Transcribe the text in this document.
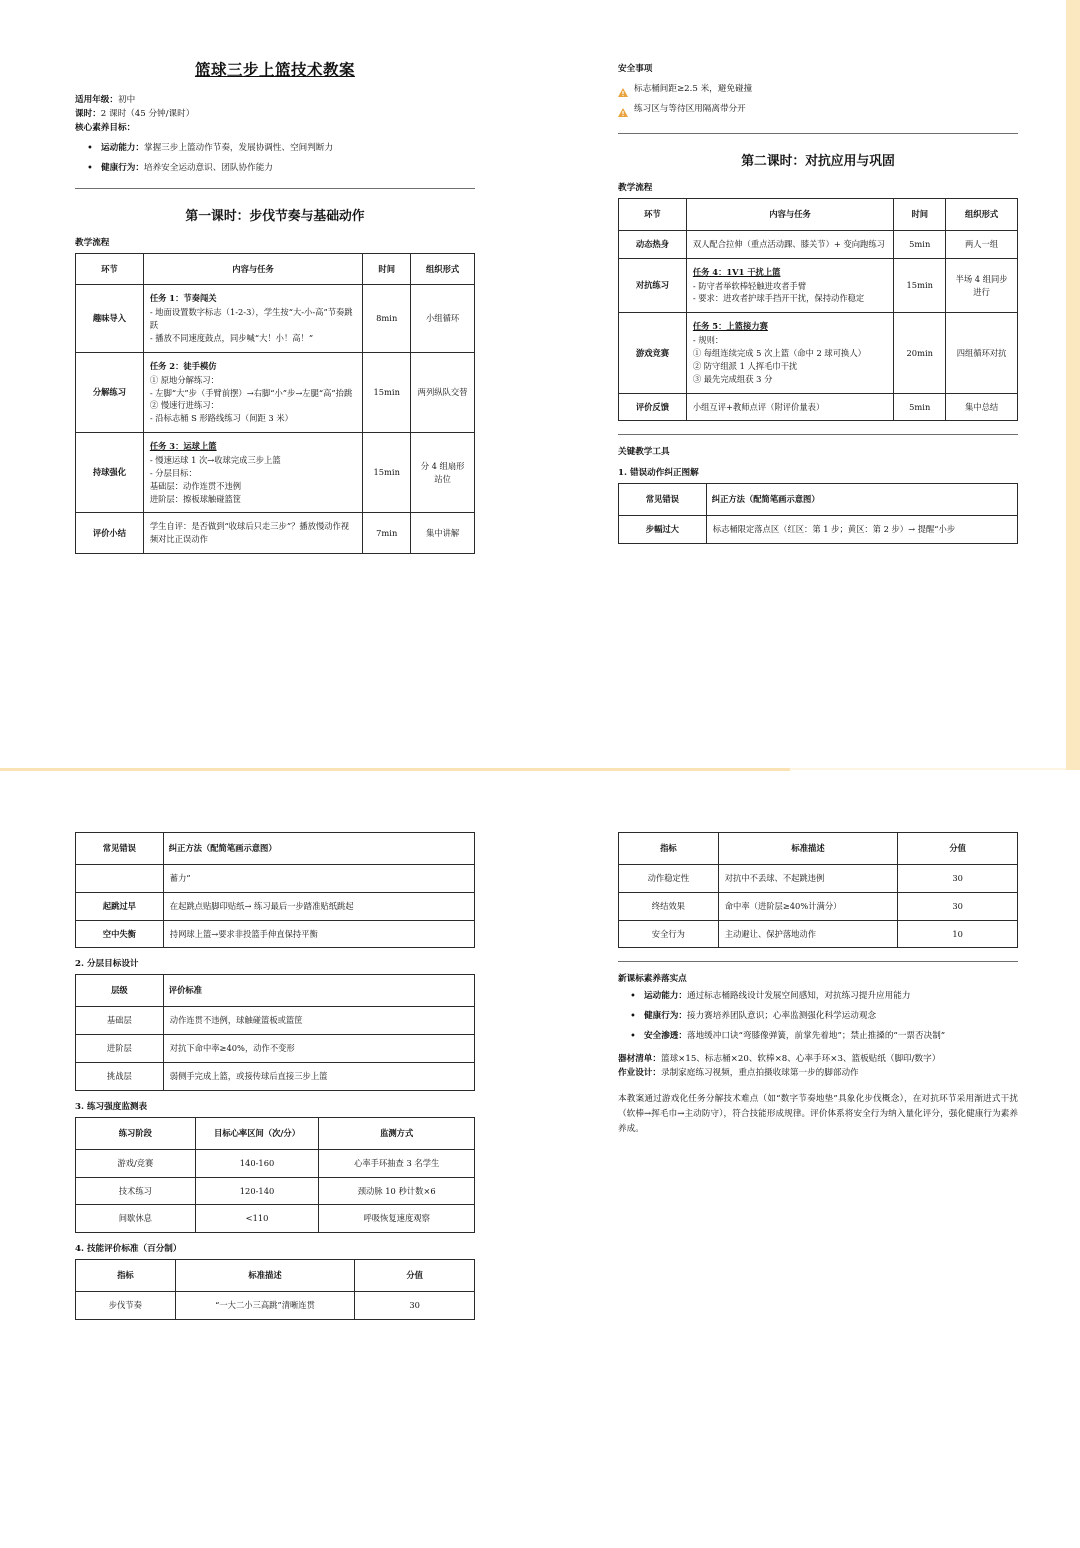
篮球三步上篮技术教案
适用年级：初中
课时：2 课时（45 分钟/课时）
核心素养目标：
• 运动能力：掌握三步上篮动作节奏，发展协调性、空间判断力
• 健康行为：培养安全运动意识、团队协作能力
第一课时：步伐节奏与基础动作
教学流程
环节	内容与任务	时间	组织形式
趣味导入	任务 1：节奏闯关
- 地面设置数字标志（1-2-3），学生按“大-小-高”节奏跳跃
- 播放不同速度鼓点，同步喊“大！小！高！”	8min	小组循环
分解练习	任务 2：徒手模仿
① 原地分解练习：
- 左脚“大”步（手臂前摆）→右脚“小”步→左腿“高”抬跳
② 慢速行进练习：
- 沿标志桶 S 形路线练习（间距 3 米）	15min	两列纵队交替
持球强化	任务 3：运球上篮
- 慢速运球 1 次→收球完成三步上篮
- 分层目标：
基础层：动作连贯不违例
进阶层：擦板球触碰篮筐	15min	分 4 组扇形站位
评价小结	学生自评：是否做到“收球后只走三步”？播放慢动作视频对比正误动作	7min	集中讲解
安全事项
标志桶间距≥2.5 米，避免碰撞
练习区与等待区用隔离带分开
第二课时：对抗应用与巩固
教学流程
环节	内容与任务	时间	组织形式
动态热身	双人配合拉伸（重点活动踝、膝关节）+ 变向跑练习	5min	两人一组
对抗练习	任务 4：1V1 干扰上篮
- 防守者举软棒轻触进攻者手臂
- 要求：进攻者护球手挡开干扰，保持动作稳定	15min	半场 4 组同步进行
游戏竞赛	任务 5：上篮接力赛
- 规则：
① 每组连续完成 5 次上篮（命中 2 球可换人）
② 防守组派 1 人挥毛巾干扰
③ 最先完成组获 3 分	20min	四组循环对抗
评价反馈	小组互评+教师点评（附评价量表）	5min	集中总结
关键教学工具
1. 错误动作纠正图解
常见错误	纠正方法（配简笔画示意图）
步幅过大	标志桶限定落点区（红区：第 1 步；黄区：第 2 步）→ 提醒“小步
常见错误	纠正方法（配简笔画示意图）
	蓄力”
起跳过早	在起跳点贴脚印贴纸→ 练习最后一步踏准贴纸跳起
空中失衡	持网球上篮→要求非投篮手伸直保持平衡
2. 分层目标设计
层级	评价标准
基础层	动作连贯不违例，球触碰篮板或篮筐
进阶层	对抗下命中率≥40%，动作不变形
挑战层	弱侧手完成上篮，或接传球后直接三步上篮
3. 练习强度监测表
练习阶段	目标心率区间（次/分）	监测方式
游戏/竞赛	140-160	心率手环抽查 3 名学生
技术练习	120-140	颈动脉 10 秒计数×6
间歇休息	<110	呼吸恢复速度观察
4. 技能评价标准（百分制）
指标	标准描述	分值
步伐节奏	“一大二小三高跳”清晰连贯	30
指标	标准描述	分值
动作稳定性	对抗中不丢球、不起跳违例	30
终结效果	命中率（进阶层≥40%计满分）	30
安全行为	主动避让、保护落地动作	10
新课标素养落实点
• 运动能力：通过标志桶路线设计发展空间感知，对抗练习提升应用能力
• 健康行为：接力赛培养团队意识；心率监测强化科学运动观念
• 安全渗透：落地缓冲口诀“弯膝像弹簧，前掌先着地”；禁止推搡的“一票否决制”
器材清单：篮球×15、标志桶×20、软棒×8、心率手环×3、篮板贴纸（脚印/数字）
作业设计：录制家庭练习视频，重点拍摄收球第一步的脚部动作

本教案通过游戏化任务分解技术难点（如“数字节奏地垫”具象化步伐概念），在对抗环节采用渐进式干扰（软棒→挥毛巾→主动防守），符合技能形成规律。评价体系将安全行为纳入量化评分，强化健康行为素养养成。
